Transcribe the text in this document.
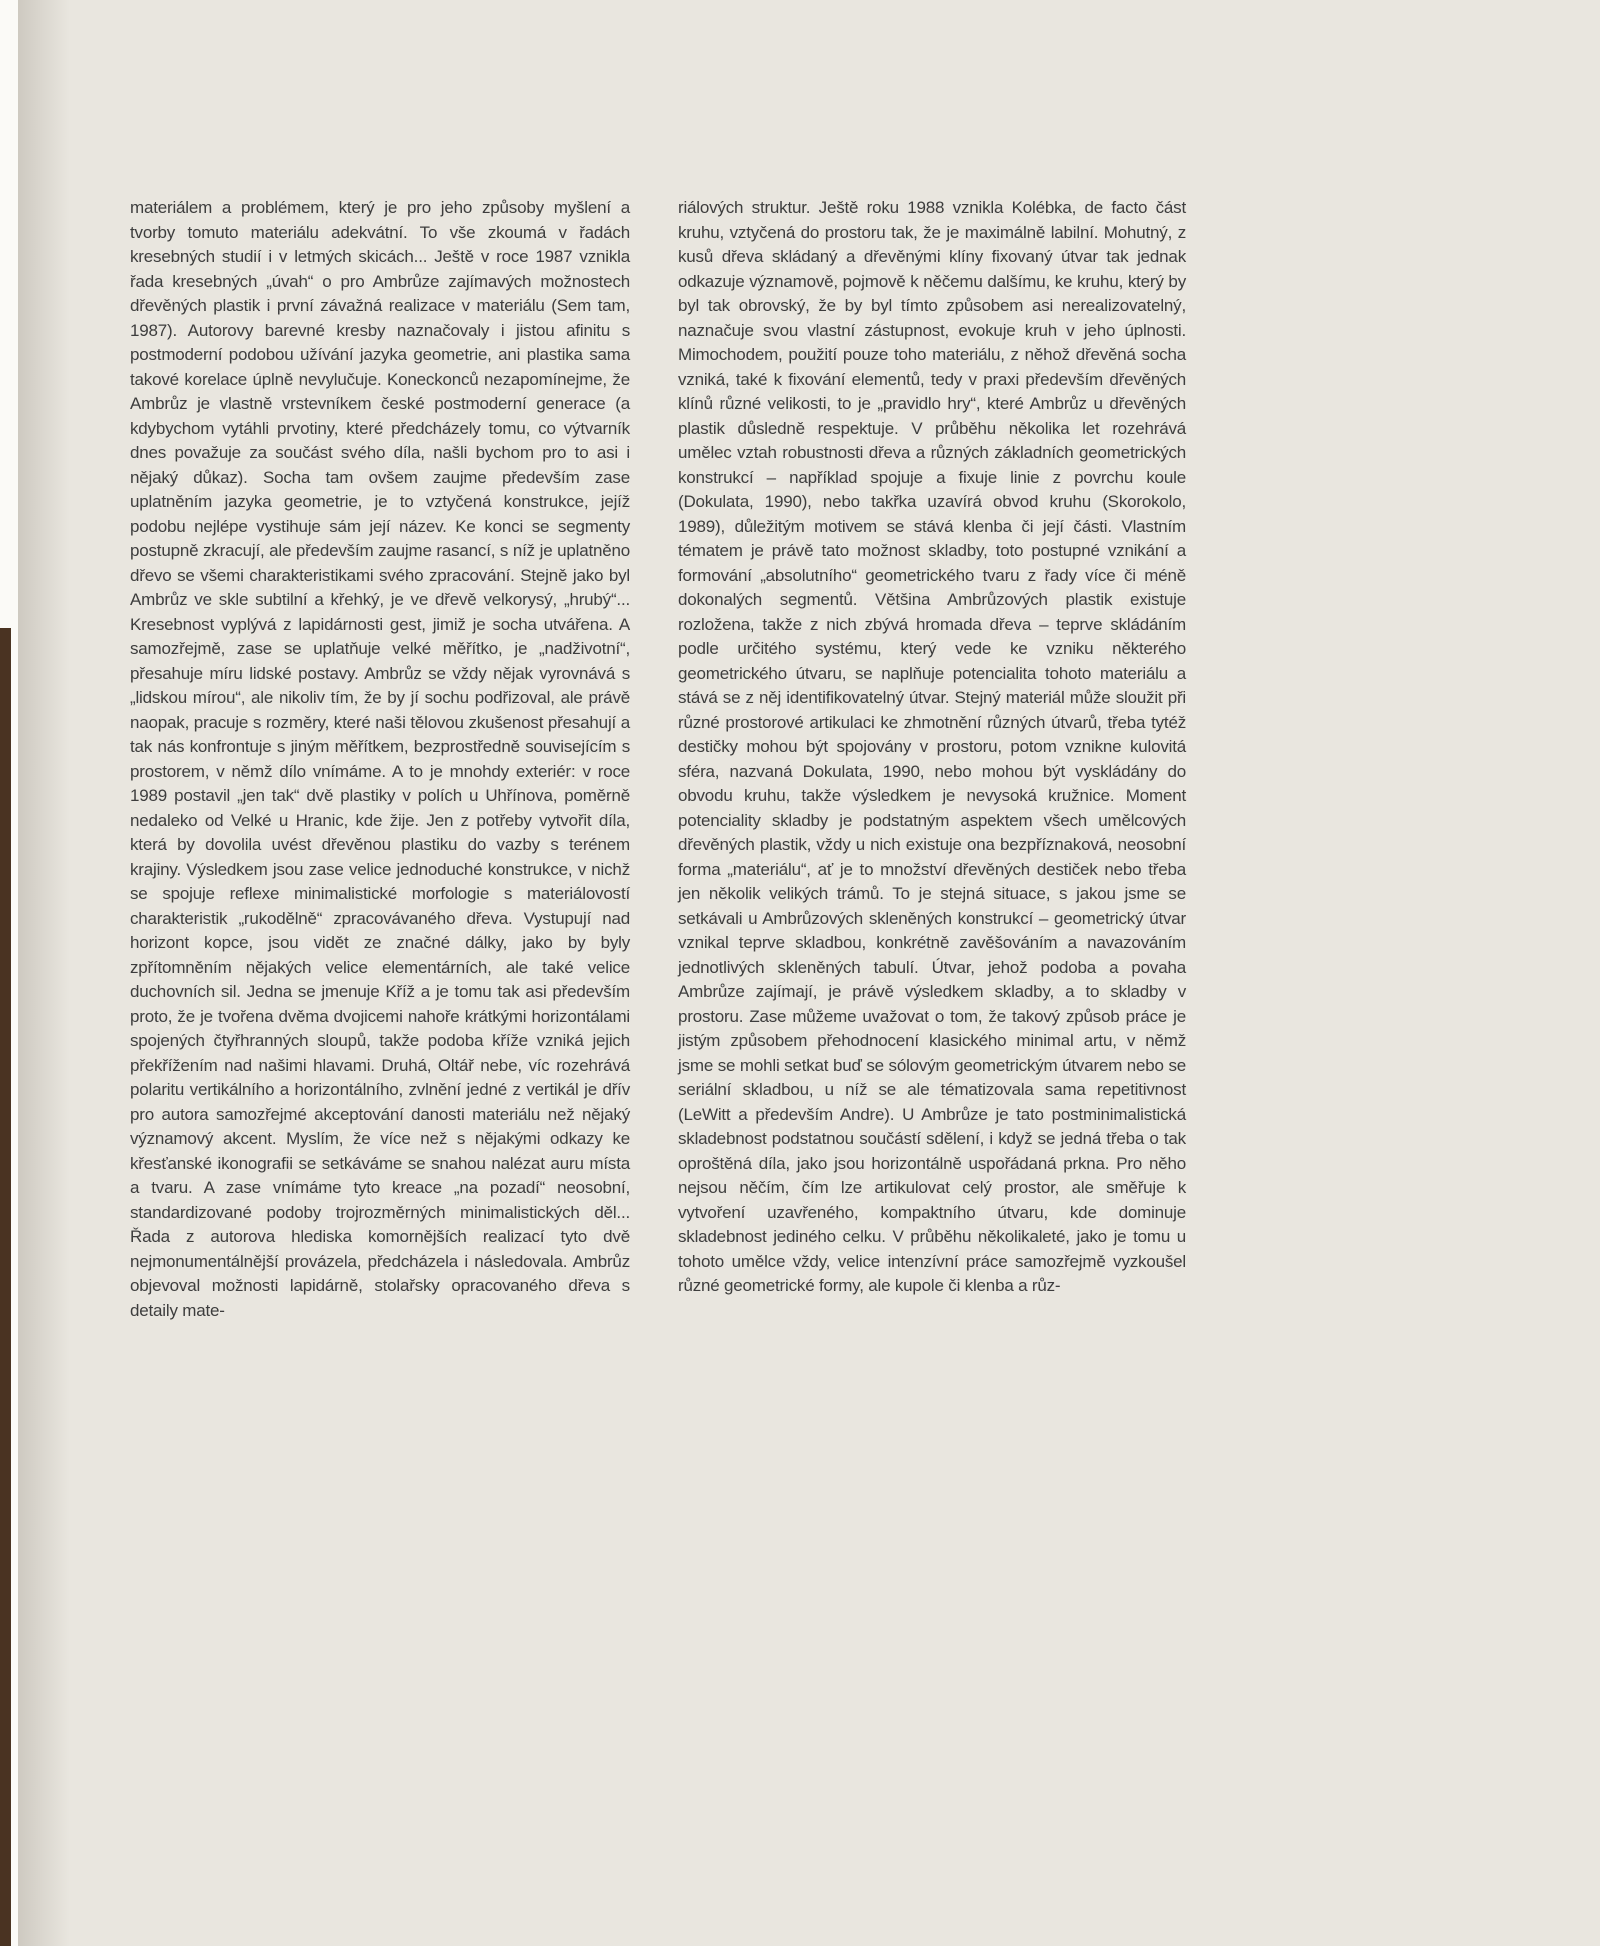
materiálem a problémem, který je pro jeho způsoby myšlení a tvorby tomuto materiálu adekvátní. To vše zkoumá v řadách kresebných studií i v letmých skicách... Ještě v roce 1987 vznikla řada kresebných „úvah“ o pro Ambrůze zajímavých možnostech dřevěných plastik i první závažná realizace v materiálu (Sem tam, 1987). Autorovy barevné kresby naznačovaly i jistou afinitu s postmoderní podobou užívání jazyka geometrie, ani plastika sama takové korelace úplně nevylučuje. Koneckonců nezapomínejme, že Ambrůz je vlastně vrstevníkem české postmoderní generace (a kdybychom vytáhli prvotiny, které předcházely tomu, co výtvarník dnes považuje za součást svého díla, našli bychom pro to asi i nějaký důkaz). Socha tam ovšem zaujme především zase uplatněním jazyka geometrie, je to vztyčená konstrukce, jejíž podobu nejlépe vystihuje sám její název. Ke konci se segmenty postupně zkracují, ale především zaujme rasancí, s níž je uplatněno dřevo se všemi charakteristikami svého zpracování. Stejně jako byl Ambrůz ve skle subtilní a křehký, je ve dřevě velkorysý, „hrubý“... Kresebnost vyplývá z lapidárnosti gest, jimiž je socha utvářena. A samozřejmě, zase se uplatňuje velké měřítko, je „nadživotní“, přesahuje míru lidské postavy. Ambrůz se vždy nějak vyrovnává s „lidskou mírou“, ale nikoliv tím, že by jí sochu podřizoval, ale právě naopak, pracuje s rozměry, které naši tělovou zkušenost přesahují a tak nás konfrontuje s jiným měřítkem, bezprostředně souvisejícím s prostorem, v němž dílo vnímáme. A to je mnohdy exteriér: v roce 1989 postavil „jen tak“ dvě plastiky v polích u Uhřínova, poměrně nedaleko od Velké u Hranic, kde žije. Jen z potřeby vytvořit díla, která by dovolila uvést dřevěnou plastiku do vazby s terénem krajiny. Výsledkem jsou zase velice jednoduché konstrukce, v nichž se spojuje reflexe minimalistické morfologie s materiálovostí charakteristik „rukodělně“ zpracovávaného dřeva. Vystupují nad horizont kopce, jsou vidět ze značné dálky, jako by byly zpřítomněním nějakých velice elementárních, ale také velice duchovních sil. Jedna se jmenuje Kříž a je tomu tak asi především proto, že je tvořena dvěma dvojicemi nahoře krátkými horizontálami spojených čtyřhranných sloupů, takže podoba kříže vzniká jejich překřížením nad našimi hlavami. Druhá, Oltář nebe, víc rozehrává polaritu vertikálního a horizontálního, zvlnění jedné z vertikál je dřív pro autora samozřejmé akceptování danosti materiálu než nějaký významový akcent. Myslím, že více než s nějakými odkazy ke křesťanské ikonografii se setkáváme se snahou nalézat auru místa a tvaru. A zase vnímáme tyto kreace „na pozadí“ neosobní, standardizované podoby trojrozměrných minimalistických děl... Řada z autorova hlediska komornějších realizací tyto dvě nejmonumentálnější provázela, předcházela i následovala. Ambrůz objevoval možnosti lapidárně, stolařsky opracovaného dřeva s detaily mate-

riálových struktur. Ještě roku 1988 vznikla Kolébka, de facto část kruhu, vztyčená do prostoru tak, že je maximálně labilní. Mohutný, z kusů dřeva skládaný a dřevěnými klíny fixovaný útvar tak jednak odkazuje významově, pojmově k něčemu dalšímu, ke kruhu, který by byl tak obrovský, že by byl tímto způsobem asi nerealizovatelný, naznačuje svou vlastní zástupnost, evokuje kruh v jeho úplnosti. Mimochodem, použití pouze toho materiálu, z něhož dřevěná socha vzniká, také k fixování elementů, tedy v praxi především dřevěných klínů různé velikosti, to je „pravidlo hry“, které Ambrůz u dřevěných plastik důsledně respektuje. V průběhu několika let rozehrává umělec vztah robustnosti dřeva a různých základních geometrických konstrukcí – například spojuje a fixuje linie z povrchu koule (Dokulata, 1990), nebo takřka uzavírá obvod kruhu (Skorokolo, 1989), důležitým motivem se stává klenba či její části. Vlastním tématem je právě tato možnost skladby, toto postupné vznikání a formování „absolutního“ geometrického tvaru z řady více či méně dokonalých segmentů. Většina Ambrůzových plastik existuje rozložena, takže z nich zbývá hromada dřeva – teprve skládáním podle určitého systému, který vede ke vzniku některého geometrického útvaru, se naplňuje potencialita tohoto materiálu a stává se z něj identifikovatelný útvar. Stejný materiál může sloužit při různé prostorové artikulaci ke zhmotnění různých útvarů, třeba tytéž destičky mohou být spojovány v prostoru, potom vznikne kulovitá sféra, nazvaná Dokulata, 1990, nebo mohou být vyskládány do obvodu kruhu, takže výsledkem je nevysoká kružnice. Moment potenciality skladby je podstatným aspektem všech umělcových dřevěných plastik, vždy u nich existuje ona bezpříznaková, neosobní forma „materiálu“, ať je to množství dřevěných destiček nebo třeba jen několik velikých trámů. To je stejná situace, s jakou jsme se setkávali u Ambrůzových skleněných konstrukcí – geometrický útvar vznikal teprve skladbou, konkrétně zavěšováním a navazováním jednotlivých skleněných tabulí. Útvar, jehož podoba a povaha Ambrůze zajímají, je právě výsledkem skladby, a to skladby v prostoru. Zase můžeme uvažovat o tom, že takový způsob práce je jistým způsobem přehodnocení klasického minimal artu, v němž jsme se mohli setkat buď se sólovým geometrickým útvarem nebo se seriální skladbou, u níž se ale tématizovala sama repetitivnost (LeWitt a především Andre). U Ambrůze je tato postminimalistická skladebnost podstatnou součástí sdělení, i když se jedná třeba o tak oproštěná díla, jako jsou horizontálně uspořádaná prkna. Pro něho nejsou něčím, čím lze artikulovat celý prostor, ale směřuje k vytvoření uzavřeného, kompaktního útvaru, kde dominuje skladebnost jediného celku. V průběhu několikaleté, jako je tomu u tohoto umělce vždy, velice intenzívní práce samozřejmě vyzkoušel různé geometrické formy, ale kupole či klenba a růz-
